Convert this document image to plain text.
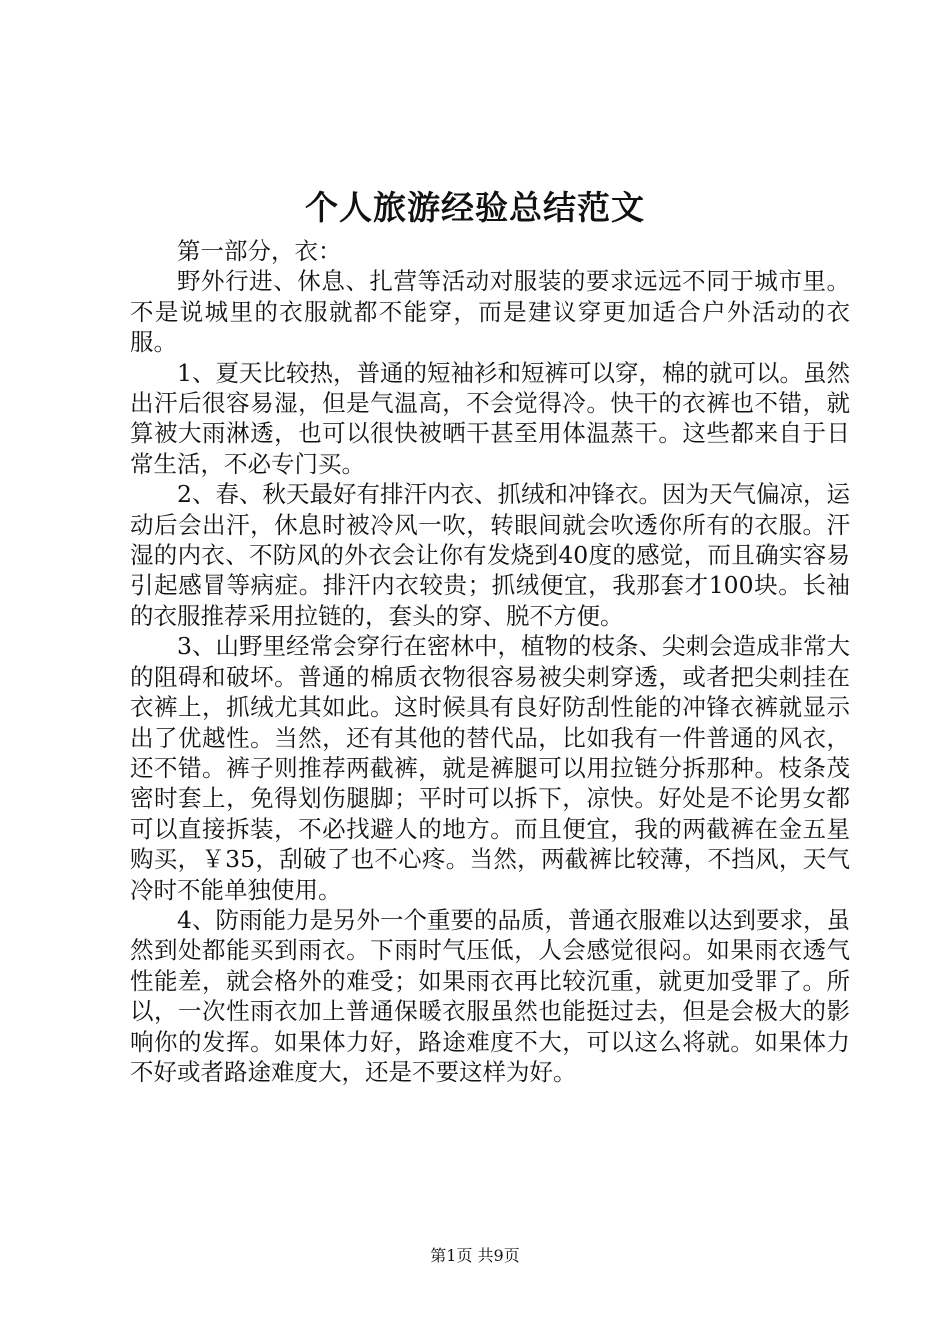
个人旅游经验总结范文

第一部分，衣：

野外行进、休息、扎营等活动对服装的要求远远不同于城市里。不是说城里的衣服就都不能穿，而是建议穿更加适合户外活动的衣服。

1、夏天比较热，普通的短袖衫和短裤可以穿，棉的就可以。虽然出汗后很容易湿，但是气温高，不会觉得冷。快干的衣裤也不错，就算被大雨淋透，也可以很快被晒干甚至用体温蒸干。这些都来自于日常生活，不必专门买。

2、春、秋天最好有排汗内衣、抓绒和冲锋衣。因为天气偏凉，运动后会出汗，休息时被冷风一吹，转眼间就会吹透你所有的衣服。汗湿的内衣、不防风的外衣会让你有发烧到40度的感觉，而且确实容易引起感冒等病症。排汗内衣较贵；抓绒便宜，我那套才100块。长袖的衣服推荐采用拉链的，套头的穿、脱不方便。

3、山野里经常会穿行在密林中，植物的枝条、尖刺会造成非常大的阻碍和破坏。普通的棉质衣物很容易被尖刺穿透，或者把尖刺挂在衣裤上，抓绒尤其如此。这时候具有良好防刮性能的冲锋衣裤就显示出了优越性。当然，还有其他的替代品，比如我有一件普通的风衣，还不错。裤子则推荐两截裤，就是裤腿可以用拉链分拆那种。枝条茂密时套上，免得划伤腿脚；平时可以拆下，凉快。好处是不论男女都可以直接拆装，不必找避人的地方。而且便宜，我的两截裤在金五星购买，￥35，刮破了也不心疼。当然，两截裤比较薄，不挡风，天气冷时不能单独使用。

4、防雨能力是另外一个重要的品质，普通衣服难以达到要求，虽然到处都能买到雨衣。下雨时气压低，人会感觉很闷。如果雨衣透气性能差，就会格外的难受；如果雨衣再比较沉重，就更加受罪了。所以，一次性雨衣加上普通保暖衣服虽然也能挺过去，但是会极大的影响你的发挥。如果体力好，路途难度不大，可以这么将就。如果体力不好或者路途难度大，还是不要这样为好。

第1页 共9页
